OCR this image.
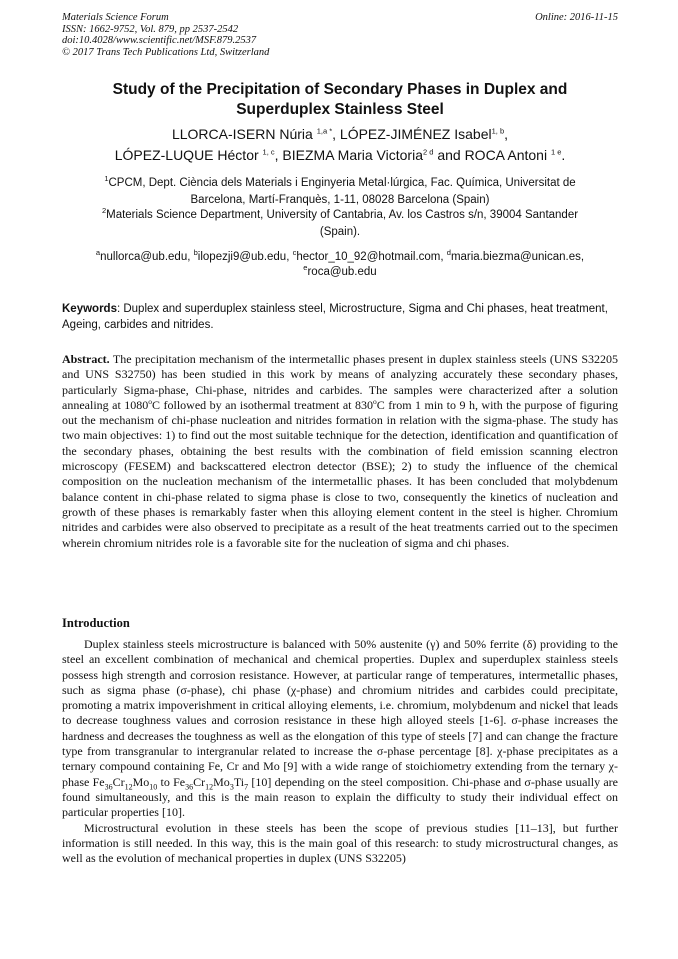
Materials Science Forum
ISSN: 1662-9752, Vol. 879, pp 2537-2542
doi:10.4028/www.scientific.net/MSF.879.2537
© 2017 Trans Tech Publications Ltd, Switzerland
Online: 2016-11-15
Study of the Precipitation of Secondary Phases in Duplex and
Superduplex Stainless Steel
LLORCA-ISERN Núria $^{1,a *}$, LÓPEZ-JIMÉNEZ Isabel$^{1, b}$,
LÓPEZ-LUQUE Héctor $^{1, c}$, BIEZMA Maria Victoria$^{2 d}$ and ROCA Antoni $^{1 e}$.
$^1$CPCM, Dept. Ciència dels Materials i Enginyeria Metal·lúrgica, Fac. Química, Universitat de
Barcelona, Martí-Franquès, 1-11, 08028 Barcelona (Spain)
$^2$Materials Science Department, University of Cantabria, Av. los Castros s/n, 39004 Santander
(Spain).
$^a$nullorca@ub.edu, $^b$ilopezji9@ub.edu, $^c$hector_10_92@hotmail.com, $^d$maria.biezma@unican.es,
$^e$roca@ub.edu
Keywords: Duplex and superduplex stainless steel, Microstructure, Sigma and Chi phases, heat treatment, Ageing, carbides and nitrides.
Abstract. The precipitation mechanism of the intermetallic phases present in duplex stainless steels (UNS S32205 and UNS S32750) has been studied in this work by means of analyzing accurately these secondary phases, particularly Sigma-phase, Chi-phase, nitrides and carbides. The samples were characterized after a solution annealing at 1080$^o$C followed by an isothermal treatment at 830$^o$C from 1 min to 9 h, with the purpose of figuring out the mechanism of chi-phase nucleation and nitrides formation in relation with the sigma-phase. The study has two main objectives: 1) to find out the most suitable technique for the detection, identification and quantification of the secondary phases, obtaining the best results with the combination of field emission scanning electron microscopy (FESEM) and backscattered electron detector (BSE); 2) to study the influence of the chemical composition on the nucleation mechanism of the intermetallic phases. It has been concluded that molybdenum balance content in chi-phase related to sigma phase is close to two, consequently the kinetics of nucleation and growth of these phases is remarkably faster when this alloying element content in the steel is higher. Chromium nitrides and carbides were also observed to precipitate as a result of the heat treatments carried out to the specimen wherein chromium nitrides role is a favorable site for the nucleation of sigma and chi phases.
Introduction

Duplex stainless steels microstructure is balanced with 50% austenite (γ) and 50% ferrite (δ) providing to the steel an excellent combination of mechanical and chemical properties. Duplex and superduplex stainless steels possess high strength and corrosion resistance. However, at particular range of temperatures, intermetallic phases, such as sigma phase (σ-phase), chi phase (χ-phase) and chromium nitrides and carbides could precipitate, promoting a matrix impoverishment in critical alloying elements, i.e. chromium, molybdenum and nickel that leads to decrease toughness values and corrosion resistance in these high alloyed steels [1-6]. σ-phase increases the hardness and decreases the toughness as well as the elongation of this type of steels [7] and can change the fracture type from transgranular to intergranular related to increase the σ-phase percentage [8]. χ-phase precipitates as a ternary compound containing Fe, Cr and Mo [9] with a wide range of stoichiometry extending from the ternary χ-phase $Fe_{36}Cr_{12}Mo_{10}$ to $Fe_{36}Cr_{12}Mo_3Ti_7$ [10] depending on the steel composition. Chi-phase and σ-phase usually are found simultaneously, and this is the main reason to explain the difficulty to study their individual effect on particular properties [10].

Microstructural evolution in these steels has been the scope of previous studies [11–13], but further information is still needed. In this way, this is the main goal of this research: to study microstructural changes, as well as the evolution of mechanical properties in duplex (UNS S32205)
